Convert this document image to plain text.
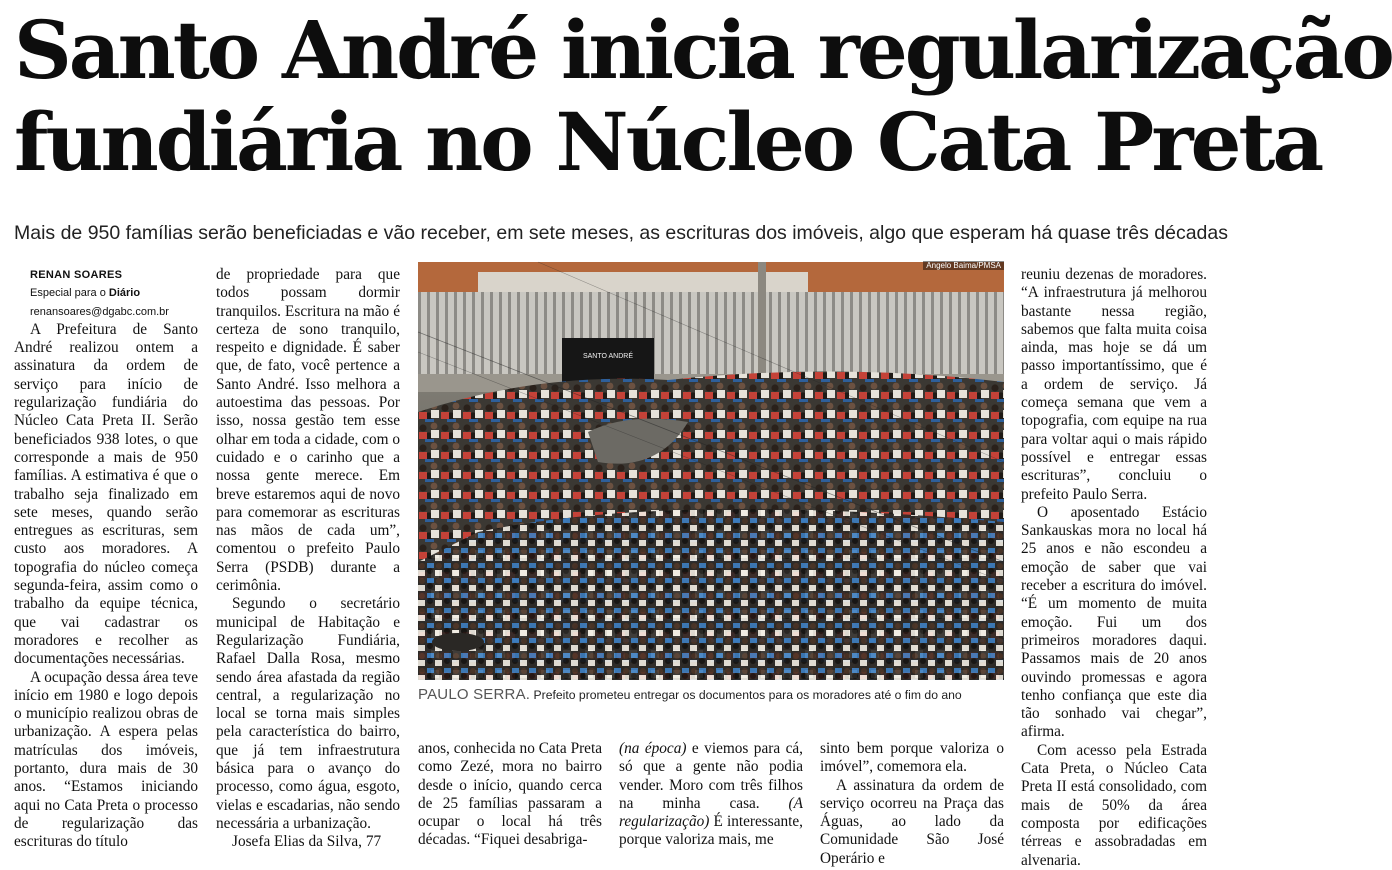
Santo André inicia regularização
fundiária no Núcleo Cata Preta

Mais de 950 famílias serão beneficiadas e vão receber, em sete meses, as escrituras dos imóveis, algo que esperam há quase três décadas

RENAN SOARES

Especial para o Diário

renansoares@dgabc.com.br

A Prefeitura de Santo André realizou ontem a assinatura da ordem de serviço para início de regularização fundiária do Núcleo Cata Preta II. Serão beneficiados 938 lotes, o que corresponde a mais de 950 famílias. A estimativa é que o trabalho seja finalizado em sete meses, quando serão entregues as escrituras, sem custo aos moradores. A topografia do núcleo começa segunda-feira, assim como o trabalho da equipe técnica, que vai cadastrar os moradores e recolher as documentações necessárias.

A ocupação dessa área teve início em 1980 e logo depois o município realizou obras de urbanização. A espera pelas matrículas dos imóveis, portanto, dura mais de 30 anos. “Estamos iniciando aqui no Cata Preta o processo de regularização das escrituras do título

de propriedade para que todos possam dormir tranquilos. Escritura na mão é certeza de sono tranquilo, respeito e dignidade. É saber que, de fato, você pertence a Santo André. Isso melhora a autoestima das pessoas. Por isso, nossa gestão tem esse olhar em toda a cidade, com o cuidado e o carinho que a nossa gente merece. Em breve estaremos aqui de novo para comemorar as escrituras nas mãos de cada um”, comentou o prefeito Paulo Serra (PSDB) durante a cerimônia.

Segundo o secretário municipal de Habitação e Regularização Fundiária, Rafael Dalla Rosa, mesmo sendo área afastada da região central, a regularização no local se torna mais simples pela característica do bairro, que já tem infraestrutura básica para o avanço do processo, como água, esgoto, vielas e escadarias, não sendo necessária a urbanização.

Josefa Elias da Silva, 77

SANTO ANDRÉ
Angelo Baima/PMSA
PAULO SERRA. Prefeito prometeu entregar os documentos para os moradores até o fim do ano

anos, conhecida no Cata Preta como Zezé, mora no bairro desde o início, quando cerca de 25 famílias passaram a ocupar o local há três décadas. “Fiquei desabriga-

(na época) e viemos para cá, só que a gente não podia vender. Moro com três filhos na minha casa. (A regularização) É interessante, porque valoriza mais, me

sinto bem porque valoriza o imóvel”, comemora ela.

A assinatura da ordem de serviço ocorreu na Praça das Águas, ao lado da Comunidade São José Operário e

reuniu dezenas de moradores. “A infraestrutura já melhorou bastante nessa região, sabemos que falta muita coisa ainda, mas hoje se dá um passo importantíssimo, que é a ordem de serviço. Já começa semana que vem a topografia, com equipe na rua para voltar aqui o mais rápido possível e entregar essas escrituras”, concluiu o prefeito Paulo Serra.

O aposentado Estácio Sankauskas mora no local há 25 anos e não escondeu a emoção de saber que vai receber a escritura do imóvel. “É um momento de muita emoção. Fui um dos primeiros moradores daqui. Passamos mais de 20 anos ouvindo promessas e agora tenho confiança que este dia tão sonhado vai chegar”, afirma.

Com acesso pela Estrada Cata Preta, o Núcleo Cata Preta II está consolidado, com mais de 50% da área composta por edificações térreas e assobradadas em alvenaria.
